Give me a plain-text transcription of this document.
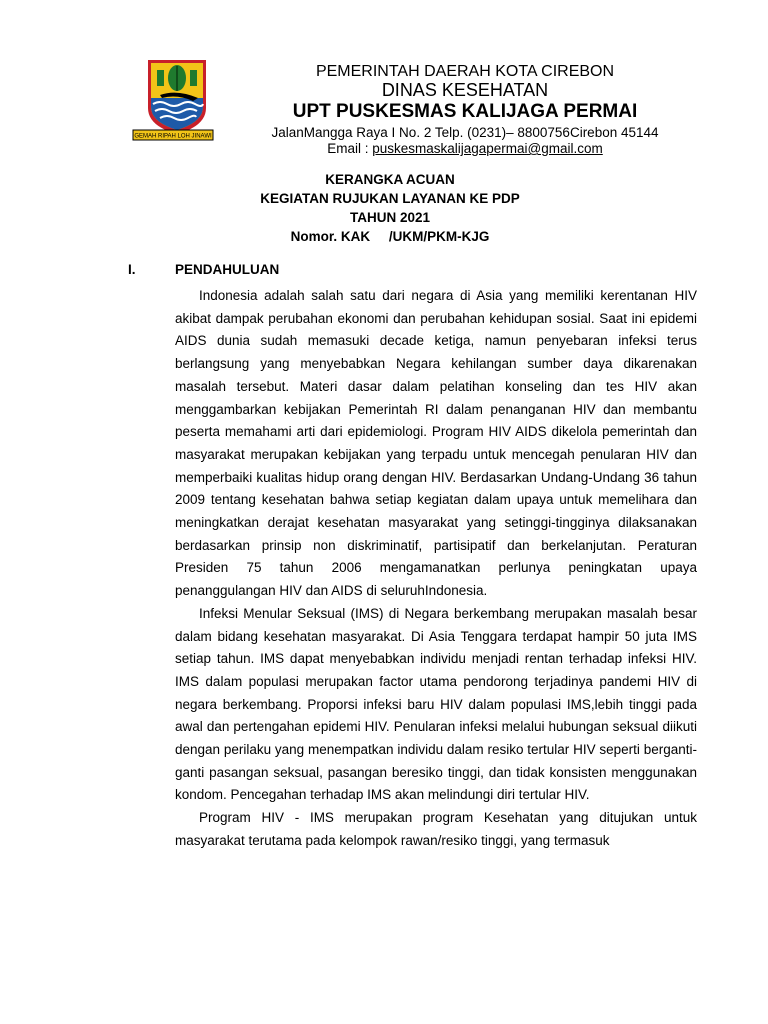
GEMAH RIPAH LOH JINAWI
PEMERINTAH DAERAH KOTA CIREBON
DINAS KESEHATAN
UPT PUSKESMAS KALIJAGA PERMAI
JalanMangga Raya I No. 2 Telp. (0231)– 8800756Cirebon 45144
Email : puskesmaskalijagapermai@gmail.com
KERANGKA ACUAN
KEGIATAN RUJUKAN LAYANAN KE PDP
TAHUN 2021
Nomor. KAK     /UKM/PKM-KJG
I.	PENDAHULUAN

Indonesia adalah salah satu dari negara di Asia yang memiliki kerentanan HIV akibat dampak perubahan ekonomi dan perubahan kehidupan sosial. Saat ini epidemi AIDS dunia sudah memasuki decade ketiga, namun penyebaran infeksi terus berlangsung yang menyebabkan Negara kehilangan sumber daya dikarenakan masalah tersebut. Materi dasar dalam pelatihan konseling dan tes HIV akan menggambarkan kebijakan Pemerintah RI dalam penanganan HIV dan membantu peserta memahami arti dari epidemiologi. Program HIV AIDS dikelola pemerintah dan masyarakat merupakan kebijakan yang terpadu untuk mencegah penularan HIV dan memperbaiki kualitas hidup orang dengan HIV. Berdasarkan Undang-Undang 36 tahun 2009 tentang kesehatan bahwa setiap kegiatan dalam upaya untuk memelihara dan meningkatkan derajat kesehatan masyarakat yang setinggi-tingginya dilaksanakan berdasarkan prinsip non diskriminatif, partisipatif dan berkelanjutan. Peraturan Presiden 75 tahun 2006 mengamanatkan perlunya peningkatan upaya penanggulangan HIV dan AIDS di seluruhIndonesia.

Infeksi Menular Seksual (IMS) di Negara berkembang merupakan masalah besar dalam bidang kesehatan masyarakat. Di Asia Tenggara terdapat hampir 50 juta IMS setiap tahun. IMS dapat menyebabkan individu menjadi rentan terhadap infeksi HIV. IMS dalam populasi merupakan factor utama pendorong terjadinya pandemi HIV di negara berkembang. Proporsi infeksi baru HIV dalam populasi IMS,lebih tinggi pada awal dan pertengahan epidemi HIV. Penularan infeksi melalui hubungan seksual diikuti dengan perilaku yang menempatkan individu dalam resiko tertular HIV seperti berganti-ganti pasangan seksual, pasangan beresiko tinggi, dan tidak konsisten menggunakan kondom. Pencegahan terhadap IMS akan melindungi diri tertular HIV.

Program HIV - IMS merupakan program Kesehatan yang ditujukan untuk masyarakat terutama pada kelompok rawan/resiko tinggi, yang termasuk
